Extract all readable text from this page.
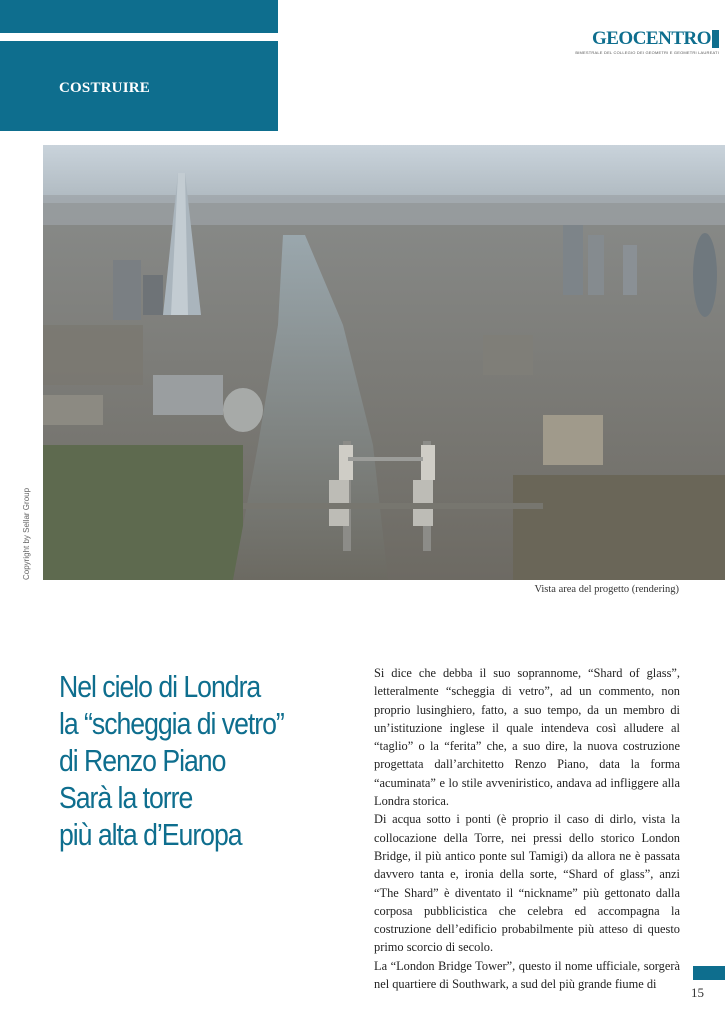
COSTRUIRE
GEOCENTRO
BIMESTRALE DEL COLLEGIO DEI GEOMETRI E GEOMETRI LAUREATI
Copyright by Sellar Group
Vista area del progetto (rendering)
Nel cielo di Londra
la “scheggia di vetro”
di Renzo Piano
Sarà la torre
più alta d’Europa

Si dice che debba il suo soprannome, “Shard of glass”, letteralmente “scheggia di vetro”, ad un commento, non proprio lusinghiero, fatto, a suo tempo, da un membro di un’istituzione inglese il quale intendeva così alludere al “taglio” o la “ferita” che, a suo dire, la nuova costruzione progettata dall’architetto Renzo Piano, data la forma “acuminata” e lo stile avveniristico, andava ad infliggere alla Londra storica.

Di acqua sotto i ponti (è proprio il caso di dirlo, vista la collocazione della Torre, nei pressi dello storico London Bridge, il più antico ponte sul Tamigi) da allora ne è passata davvero tanta e, ironia della sorte, “Shard of glass”, anzi “The Shard” è diventato il “nickname” più gettonato dalla corposa pubblicistica che celebra ed accompagna la costruzione dell’edificio probabilmente più atteso di questo primo scorcio di secolo.

La “London Bridge Tower”, questo il nome ufficiale, sorgerà nel quartiere di Southwark, a sud del più grande fiume di

15
